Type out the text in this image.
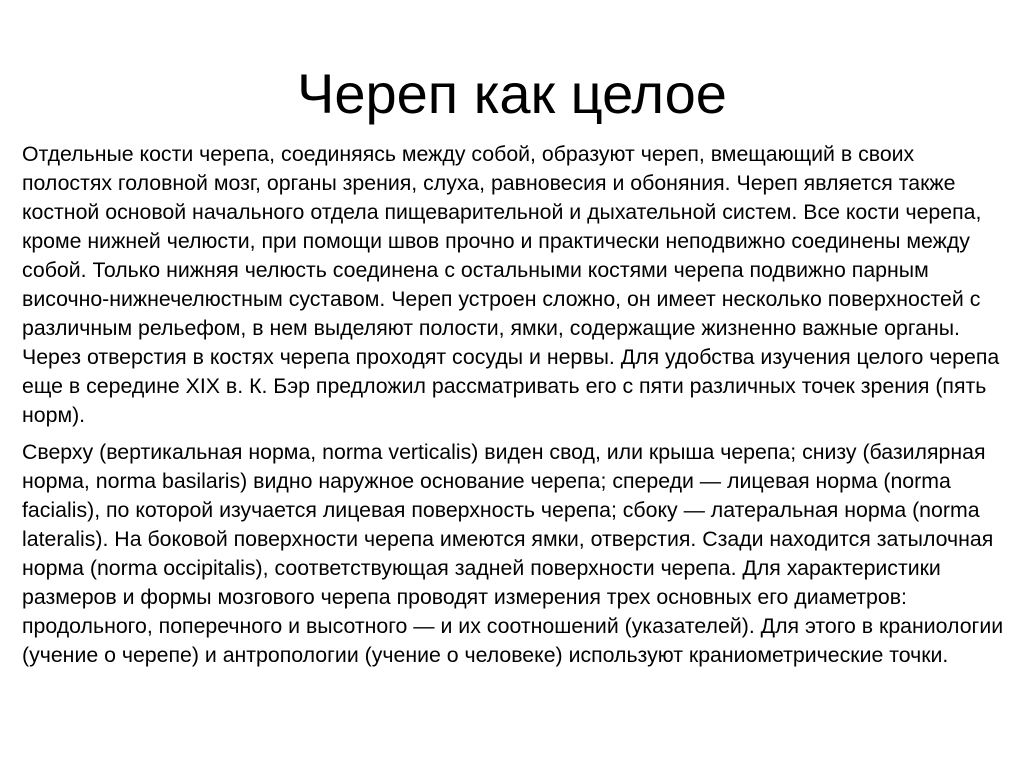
Череп как целое

Отдельные кости черепа, соединяясь между собой, образуют череп, вмещающий в своих полостях головной мозг, органы зрения, слуха, равновесия и обоняния. Череп является также костной основой начального отдела пищеварительной и дыхательной систем. Все кости черепа, кроме нижней челюсти, при помощи швов прочно и практически неподвижно соединены между собой. Только нижняя челюсть соединена с остальными костями черепа подвижно парным височно-нижнечелюстным суставом. Череп устроен сложно, он имеет несколько поверхностей с различным рельефом, в нем выделяют полости, ямки, содержащие жизненно важные органы. Через отверстия в костях черепа проходят сосуды и нервы. Для удобства изучения целого черепа еще в середине XIX в. К. Бэр предложил рассматривать его с пяти различных точек зрения (пять норм).

Сверху (вертикальная норма, norma verticalis) виден свод, или крыша черепа; снизу (базилярная норма, norma basilaris) видно наружное основание черепа; спереди — лицевая норма (norma facialis), по которой изучается лицевая поверхность черепа; сбоку — латеральная норма (norma lateralis). На боковой поверхности черепа имеются ямки, отверстия. Сзади находится затылочная норма (norma occipitalis), соответствующая задней поверхности черепа. Для характеристики размеров и формы мозгового черепа проводят измерения трех основных его диаметров: продольного, поперечного и высотного — и их соотношений (указателей). Для этого в краниологии (учение о черепе) и антропологии (учение о человеке) используют краниометрические точки.
